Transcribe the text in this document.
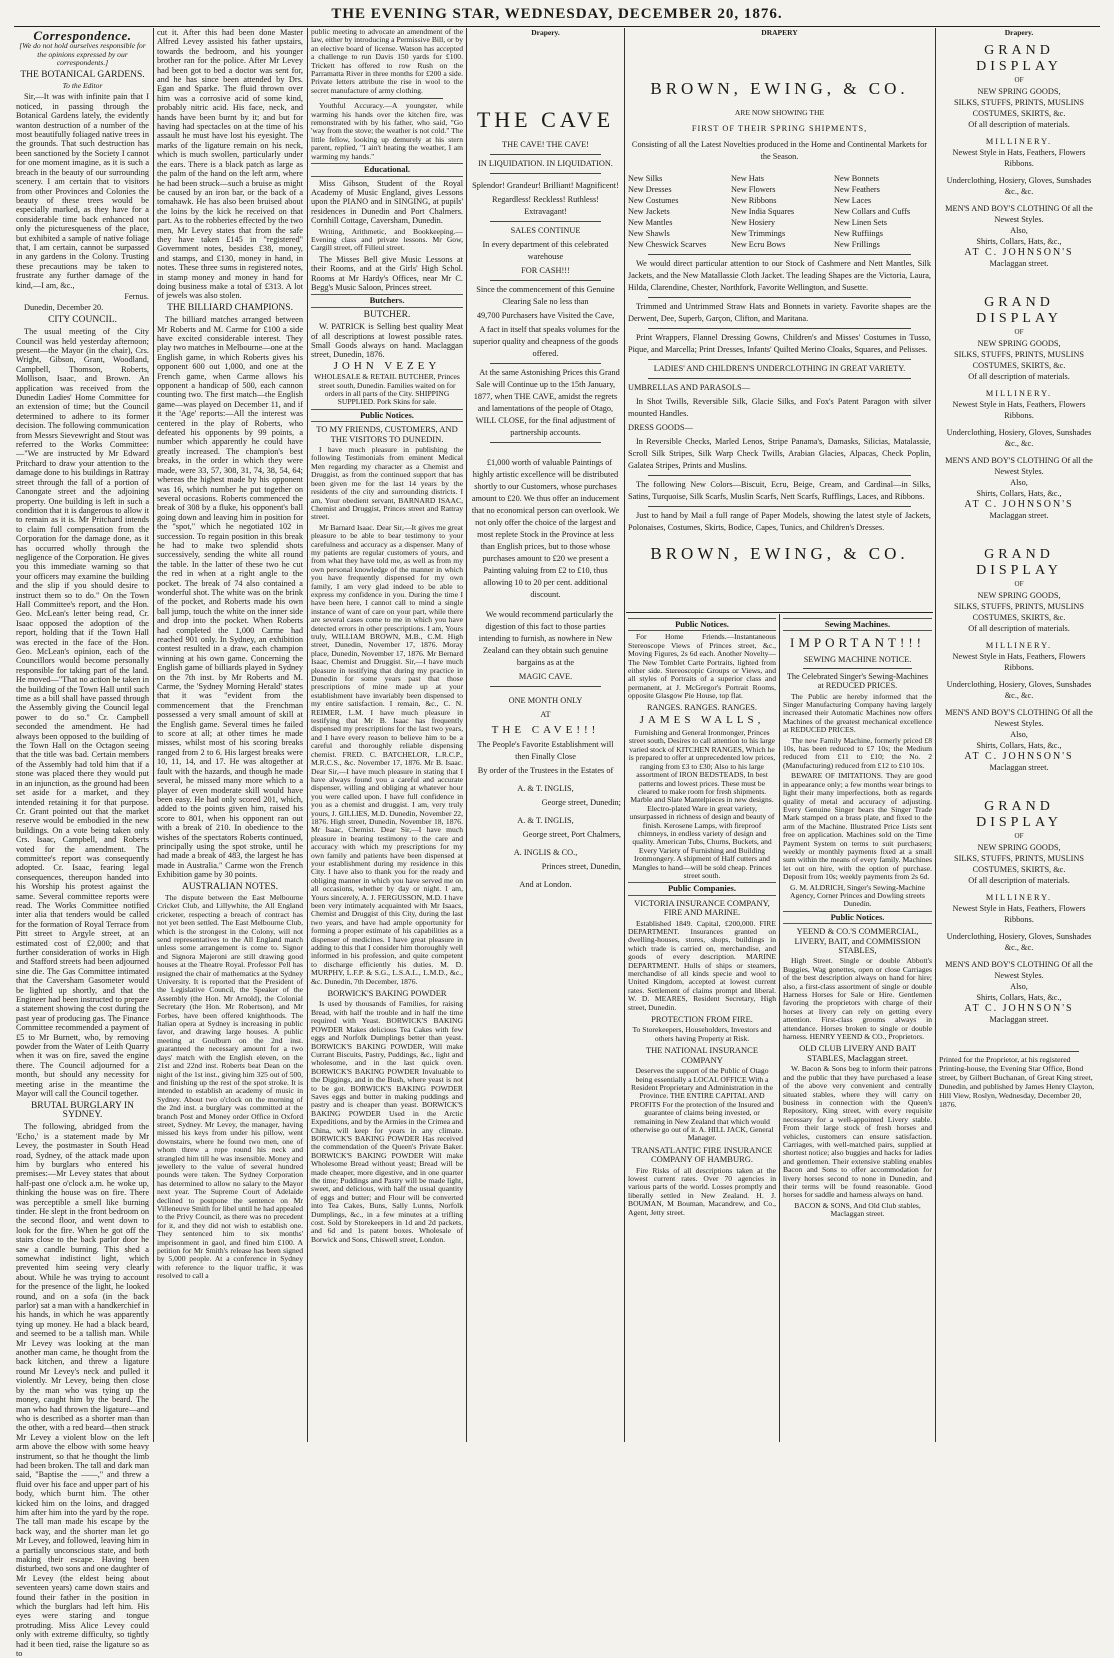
THE EVENING STAR, WEDNESDAY, DECEMBER 20, 1876.
Correspondence.

[We do not hold ourselves responsible for the opinions expressed by our correspondents.]

THE BOTANICAL GARDENS.

To the Editor

Sir,—It was with infinite pain that I noticed, in passing through the Botanical Gardens lately, the evidently wanton destruction of a number of the most beautifully foliaged native trees in the grounds. That such destruction has been sanctioned by the Society I cannot for one moment imagine, as it is such a breach in the beauty of our surrounding scenery. I am certain that to visitors from other Provinces and Colonies the beauty of these trees would be especially marked, as they have for a considerable time back enhanced not only the picturesqueness of the place, but exhibited a sample of native foliage that, I am certain, cannot be surpassed in any gardens in the Colony. Trusting these precautions may be taken to frustrate any further damage of the kind,—I am, &c.,

Fernus.

Dunedin, December 20.

CITY COUNCIL.

The usual meeting of the City Council was held yesterday afternoon; present—the Mayor (in the chair), Crs. Wright, Gibson, Grant, Woodland, Campbell, Thomson, Roberts, Mollison, Isaac, and Brown. An application was received from the Dunedin Ladies' Home Committee for an extension of time; but the Council determined to adhere to its former decision. The following communication from Messrs Sievewright and Stout was referred to the Works Committee:—"We are instructed by Mr Edward Pritchard to draw your attention to the damage done to his buildings in Rattray street through the fall of a portion of Canongate street and the adjoining property. One building is left in such a condition that it is dangerous to allow it to remain as it is. Mr Pritchard intends to claim full compensation from the Corporation for the damage done, as it has occurred wholly through the negligence of the Corporation. He gives you this immediate warning so that your officers may examine the building and the slip if you should desire to instruct them so to do." On the Town Hall Committee's report, and the Hon. Geo. McLean's letter being read, Cr. Isaac opposed the adoption of the report, holding that if the Town Hall was erected in the face of the Hon. Geo. McLean's opinion, each of the Councillors would become personally responsible for taking part of the land. He moved—"That no action be taken in the building of the Town Hall until such time as a bill shall have passed through the Assembly giving the Council legal power to do so." Cr. Campbell seconded the amendment. He had always been opposed to the building of the Town Hall on the Octagon seeing that the title was bad. Certain members of the Assembly had told him that if a stone was placed there they would put in an injunction, as the ground had been set aside for a market, and they intended retaining it for that purpose. Cr. Grant pointed out that the market reserve would be embodied in the new buildings. On a vote being taken only Crs. Isaac, Campbell, and Roberts voted for the amendment. The committee's report was consequently adopted. Cr. Isaac, fearing legal consequences, thereupon handed into his Worship his protest against the same. Several committee reports were read. The Works Committee notified inter alia that tenders would be called for the formation of Royal Terrace from Pitt street to Argyle street, at an estimated cost of £2,000; and that further consideration of works in High and Stafford streets had been adjourned sine die. The Gas Committee intimated that the Caversham Gasometer would be lighted up shortly, and that the Engineer had been instructed to prepare a statement showing the cost during the past year of producing gas. The Finance Committee recommended a payment of £5 to Mr Burnett, who, by removing powder from the Water of Leith Quarry when it was on fire, saved the engine there. The Council adjourned for a month, but should any necessity for meeting arise in the meantime the Mayor will call the Council together.

BRUTAL BURGLARY IN SYDNEY.

The following, abridged from the 'Echo,' is a statement made by Mr Levey, the postmaster in South Head road, Sydney, of the attack made upon him by burglars who entered his premises:—Mr Levey states that about half-past one o'clock a.m. he woke up, thinking the house was on fire. There was perceptible a smell like burning tinder. He slept in the front bedroom on the second floor, and went down to look for the fire. When he got off the stairs close to the back parlor door he saw a candle burning. This shed a somewhat indistinct light, which prevented him seeing very clearly about. While he was trying to account for the presence of the light, he looked round, and on a sofa (in the back parlor) sat a man with a handkerchief in his hands, in which he was apparently tying up money. He had a black beard, and seemed to be a tallish man. While Mr Levey was looking at the man another man came, he thought from the back kitchen, and threw a ligature round Mr Levey's neck and pulled it violently. Mr Levey, being then close by the man who was tying up the money, caught him by the beard. The man who had thrown the ligature—and who is described as a shorter man than the other, with a red beard—then struck Mr Levey a violent blow on the left arm above the elbow with some heavy instrument, so that he thought the limb had been broken. The tall and dark man said, "Baptise the ——," and threw a fluid over his face and upper part of his body, which burnt him. The other kicked him on the loins, and dragged him after him into the yard by the rope. The tall man made his escape by the back way, and the shorter man let go Mr Levey, and followed, leaving him in a partially unconscious state, and both making their escape. Having been disturbed, two sons and one daughter of Mr Levey (the eldest being about seventeen years) came down stairs and found their father in the position in which the burglars had left him. His eyes were staring and tongue protruding. Miss Alice Levey could only with extreme difficulty, so tightly had it been tied, raise the ligature so as to

cut it. After this had been done Master Alfred Levey assisted his father upstairs, towards the bedroom, and his younger brother ran for the police. After Mr Levey had been got to bed a doctor was sent for, and he has since been attended by Drs. Egan and Sparke. The fluid thrown over him was a corrosive acid of some kind, probably nitric acid. His face, neck, and hands have been burnt by it; and but for having had spectacles on at the time of his assault he must have lost his eyesight. The marks of the ligature remain on his neck, which is much swollen, particularly under the ears. There is a black patch as large as the palm of the hand on the left arm, where he had been struck—such a bruise as might be caused by an iron bar, or the back of a tomahawk. He has also been bruised about the loins by the kick he received on that part. As to the robberies effected by the two men, Mr Levey states that from the safe they have taken £145 in "registered" Government notes, besides £38, money, and stamps, and £130, money in hand, in notes. These three sums in registered notes, in stamp money and money in hand for doing business make a total of £313. A lot of jewels was also stolen.

THE BILLIARD CHAMPIONS.

The billiard matches arranged between Mr Roberts and M. Carme for £100 a side have excited considerable interest. They play two matches in Melbourne—one at the English game, in which Roberts gives his opponent 600 out 1,000, and one at the French game, when Carme allows his opponent a handicap of 500, each cannon counting two. The first match—the English game—was played on December 11, and if it the 'Age' reports:—All the interest was centered in the play of Roberts, who defeated his opponents by 99 points, a number which apparently he could have greatly increased. The champion's best breaks, in the order in which they were made, were 33, 57, 308, 31, 74, 38, 54, 64; whereas the highest made by his opponent was 16, which number he put together on several occasions. Roberts commenced the break of 308 by a fluke, his opponent's ball going down and leaving him in position for the "spot," which he negotiated 102 in succession. To regain position in this break he had to make two splendid shots successively, sending the white all round the table. In the latter of these two he cut the red in when at a right angle to the pocket. The break of 74 also contained a wonderful shot. The white was on the brink of the pocket, and Roberts made his own ball jump, touch the white on the inner side and drop into the pocket. When Roberts had completed the 1,000 Carme had reached 901 only. In Sydney, an exhibition contest resulted in a draw, each champion winning at his own game. Concerning the English game of billiards played in Sydney on the 7th inst. by Mr Roberts and M. Carme, the 'Sydney Morning Herald' states that it was "evident from the commencement that the Frenchman possessed a very small amount of skill at the English game. Several times he failed to score at all; at other times he made misses, whilst most of his scoring breaks ranged from 2 to 6. His largest breaks were 10, 11, 14, and 17. He was altogether at fault with the hazards, and though he made several, he missed many more which to a player of even moderate skill would have been easy. He had only scored 201, which, added to the points given him, raised his score to 801, when his opponent ran out with a break of 210. In obedience to the wishes of the spectators Roberts continued, principally using the spot stroke, until he had made a break of 483, the largest he has made in Australia." Carme won the French Exhibition game by 30 points.

AUSTRALIAN NOTES.

The dispute between the East Melbourne Cricket Club, and Lillywhite, the All England cricketer, respecting a breach of contract has not yet been settled. The East Melbourne Club, which is the strongest in the Colony, will not send representatives to the All England match unless some arrangement is come to. Signor and Signora Majeroni are still drawing good houses at the Theatre Royal. Professor Pell has resigned the chair of mathematics at the Sydney University. It is reported that the President of the Legislative Council, the Speaker of the Assembly (the Hon. Mr Arnold), the Colonial Secretary (the Hon. Mr Robertson), and Mr Forbes, have been offered knighthoods. The Italian opera at Sydney is increasing in public favor, and drawing large houses. A public meeting at Goulburn on the 2nd inst. guaranteed the necessary amount for a two days' match with the English eleven, on the 21st and 22nd inst. Roberts beat Dean on the night of the 1st inst., giving him 325 out of 500, and finishing up the rest of the spot stroke. It is intended to establish an academy of music in Sydney. About two o'clock on the morning of the 2nd inst. a burglary was committed at the branch Post and Money order Office in Oxford street, Sydney. Mr Levey, the manager, having missed his keys from under his pillow, went downstairs, where he found two men, one of whom threw a rope round his neck and strangled him till he was insensible. Money and jewellery to the value of several hundred pounds were taken. The Sydney Corporation has determined to allow no salary to the Mayor next year. The Supreme Court of Adelaide declined to postpone the sentence on Mr Villeneuve Smith for libel until he had appealed to the Privy Council, as there was no precedent for it, and they did not wish to establish one. They sentenced him to six months' imprisonment in gaol, and fined him £100. A petition for Mr Smith's release has been signed by 5,000 people. At a conference in Sydney with reference to the liquor traffic, it was resolved to call a

public meeting to advocate an amendment of the law, either by introducing a Permissive Bill, or by an elective board of license. Watson has accepted a challenge to run Davis 150 yards for £100. Trickett has offered to row Rush on the Parramatta River in three months for £200 a side. Private letters attribute the rise in wool to the secret manufacture of army clothing.

Youthful Accuracy.—A youngster, while warming his hands over the kitchen fire, was remonstrated with by his father, who said, "Go 'way from the stove; the weather is not cold." The little fellow, looking up demurely at his stern parent, replied, "I ain't heating the weather, I am warming my hands."

Educational.

Miss Gibson, Student of the Royal Academy of Music England, gives Lessons upon the PIANO and in SINGING, at pupils' residences in Dunedin and Port Chalmers. Cornhill Cottage, Caversham, Dunedin.

Writing, Arithmetic, and Bookkeeping.—Evening class and private lessons. Mr Gow, Cargill street, off Filleul street.

The Misses Bell give Music Lessons at their Rooms, and at the Girls' High Schol. Rooms at Mr Hardy's Offices, near Mr C. Begg's Music Saloon, Princes street.

Butchers.
BUTCHER.

W. PATRICK is Selling best quality Meat of all descriptions at lowest possible rates. Small Goods always on hand. Maclaggan street, Dunedin, 1876.

JOHN VEZEY

WHOLESALE & RETAIL BUTCHER, Princes street south, Dunedin. Families waited on for orders in all parts of the City. SHIPPING SUPPLIED. Pork Skins for sale.

Public Notices.
TO MY FRIENDS, CUSTOMERS, AND THE VISITORS TO DUNEDIN.

I have much pleasure in publishing the following Testimonials from eminent Medical Men regarding my character as a Chemist and Druggist, as from the continued support that has been given me for the last 14 years by the residents of the city and surrounding districts. I am, Your obedient servant, BARNARD ISAAC, Chemist and Druggist, Princes street and Rattray street.

Mr Barnard Isaac. Dear Sir,—It gives me great pleasure to be able to bear testimony to your carefulness and accuracy as a dispenser. Many of my patients are regular customers of yours, and from what they have told me, as well as from my own personal knowledge of the manner in which you have frequently dispensed for my own family, I am very glad indeed to be able to express my confidence in you. During the time I have been here, I cannot call to mind a single instance of want of care on your part, while there are several cases come to me in which you have detected errors in other prescriptions. I am, Yours truly, WILLIAM BROWN, M.B., C.M. High street, Dunedin, November 17, 1876. Moray place, Dunedin, November 17, 1876. Mr Bernard Isaac, Chemist and Druggist. Sir,—I have much pleasure in testifying that during my practice in Dunedin for some years past that those prescriptions of mine made up at your establishment have invariably been dispensed to my entire satisfaction. I remain, &c., C. N. REIMER, L.M. I have much pleasure in testifying that Mr B. Isaac has frequently dispensed my prescriptions for the last two years, and I have every reason to believe him to be a careful and thoroughly reliable dispensing chemist. FRED. C. BATCHELOR, L.R.C.P., M.R.C.S., &c. November 17, 1876. Mr B. Isaac. Dear Sir,—I have much pleasure in stating that I have always found you a careful and accurate dispenser, willing and obliging at whatever hour you were called upon. I have full confidence in you as a chemist and druggist. I am, very truly yours, J. GILLIES, M.D. Dunedin, November 22, 1876. High street, Dunedin, November 18, 1876. Mr Isaac, Chemist. Dear Sir,—I have much pleasure in bearing testimony to the care and accuracy with which my prescriptions for my own family and patients have been dispensed at your establishment during my residence in this City. I have also to thank you for the ready and obliging manner in which you have served me on all occasions, whether by day or night. I am, Yours sincerely, A. J. FERGUSSON, M.D. I have been very intimately acquainted with Mr Isaacs, Chemist and Druggist of this City, during the last two years, and have had ample opportunity for forming a proper estimate of his capabilities as a dispenser of medicines. I have great pleasure in adding to this that I consider him thoroughly well informed in his profession, and quite competent to discharge efficiently his duties. M. D. MURPHY, L.F.P. & S.G., L.S.A.L., L.M.D., &c., &c. Dunedin, 7th December, 1876.

BORWICK'S BAKING POWDER

Is used by thousands of Families, for raising Bread, with half the trouble and in half the time required with Yeast. BORWICK'S BAKING POWDER Makes delicious Tea Cakes with few eggs and Norfolk Dumplings better than yeast. BORWICK'S BAKING POWDER, Will make Currant Biscuits, Pastry, Puddings, &c., light and wholesome, and in the last quick oven. BORWICK'S BAKING POWDER Invaluable to the Diggings, and in the Bush, where yeast is not to be got. BORWICK'S BAKING POWDER Saves eggs and butter in making puddings and pastry and is cheaper than yeast. BORWICK'S BAKING POWDER Used in the Arctic Expeditions, and by the Armies in the Crimea and China, will keep for years in any climate. BORWICK'S BAKING POWDER Has received the commendation of the Queen's Private Baker. BORWICK'S BAKING POWDER Will make Wholesome Bread without yeast; Bread will be made cheaper, more digestive, and in one quarter the time; Puddings and Pastry will be made light, sweet, and delicious, with half the usual quantity of eggs and butter; and Flour will be converted into Tea Cakes, Buns, Sally Lunns, Norfolk Dumplings, &c., in a few minutes at a trifling cost. Sold by Storekeepers in 1d and 2d packets, and 6d and 1s patent boxes. Wholesale of Borwick and Sons, Chiswell street, London.

Drapery.
THE CAVE

THE CAVE! THE CAVE!

IN LIQUIDATION. IN LIQUIDATION.

Splendor! Grandeur! Brilliant! Magnificent!

Regardless! Reckless! Ruthless! Extravagant!

SALES CONTINUE

In every department of this celebrated warehouse

FOR CASH!!!

Since the commencement of this Genuine Clearing Sale no less than

49,700 Purchasers have Visited the Cave,

A fact in itself that speaks volumes for the superior quality and cheapness of the goods offered.

At the same Astonishing Prices this Grand Sale will Continue up to the 15th January, 1877, when THE CAVE, amidst the regrets and lamentations of the people of Otago, WILL CLOSE, for the final adjustment of partnership accounts.

£1,000 worth of valuable Paintings of highly artistic excellence will be distributed shortly to our Customers, whose purchases amount to £20. We thus offer an inducement that no economical person can overlook. We not only offer the choice of the largest and most replete Stock in the Province at less than English prices, but to those whose purchases amount to £20 we present a Painting valuing from £2 to £10, thus allowing 10 to 20 per cent. additional discount.

We would recommend particularly the digestion of this fact to those parties intending to furnish, as nowhere in New Zealand can they obtain such genuine bargains as at the

MAGIC CAVE.

ONE MONTH ONLY

AT

THE CAVE!!!

The People's Favorite Establishment will then Finally Close

By order of the Trustees in the Estates of

A. & T. INGLIS,

George street, Dunedin;

A. & T. INGLIS,

George street, Port Chalmers,

A. INGLIS & CO.,

Princes street, Dunedin,

And at London.

DRAPERY
BROWN, EWING, & CO.

ARE NOW SHOWING THE

FIRST OF THEIR SPRING SHIPMENTS,

Consisting of all the Latest Novelties produced in the Home and Continental Markets for the Season.

New Silks
New Dresses
New Costumes
New Jackets
New Mantles
New Shawls
New Cheswick Scarves
New Hats
New Flowers
New Ribbons
New India Squares
New Hosiery
New Trimmings
New Ecru Bows
New Bonnets
New Feathers
New Laces
New Collars and Cuffs
New Linen Sets
New Ruffiings
New Frillings

We would direct particular attention to our Stock of Cashmere and Nett Mantles, Silk Jackets, and the New Matallassie Cloth Jacket. The leading Shapes are the Victoria, Laura, Hilda, Clarendine, Chester, Northfork, Favorite Wellington, and Susette.

Trimmed and Untrimmed Straw Hats and Bonnets in variety. Favorite shapes are the Derwent, Dee, Superb, Garçon, Clifton, and Maritana.

Print Wrappers, Flannel Dressing Gowns, Children's and Misses' Costumes in Tusso, Pique, and Marcella; Print Dresses, Infants' Quilted Merino Cloaks, Squares, and Pelisses.

LADIES' AND CHILDREN'S UNDERCLOTHING IN GREAT VARIETY.

UMBRELLAS AND PARASOLS—

In Shot Twills, Reversible Silk, Glacie Silks, and Fox's Patent Paragon with silver mounted Handles.

DRESS GOODS—

In Reversible Checks, Marled Lenos, Stripe Panama's, Damasks, Silicias, Matalassie, Scroll Silk Stripes, Silk Warp Check Twills, Arabian Glacies, Alpacas, Check Poplin, Galatea Stripes, Prints and Muslins.

The following New Colors—Biscuit, Ecru, Beige, Cream, and Cardinal—in Silks, Satins, Turquoise, Silk Scarfs, Muslin Scarfs, Nett Scarfs, Rufflings, Laces, and Ribbons.

Just to hand by Mail a full range of Paper Models, showing the latest style of Jackets, Polonaises, Costumes, Skirts, Bodice, Capes, Tunics, and Children's Dresses.

BROWN, EWING, & CO.
Public Notices.

For Home Friends.—Instantaneous Stereoscope Views of Princes street, &c., Moving Figures, 2s 6d each. Another Novelty—The New Tomblet Carte Portraits, lighted from either side. Stereoscopic Groups or Views, and all styles of Portraits of a superior class and permanent, at J. McGregor's Portrait Rooms, opposite Glasgow Pie House, top flat.

RANGES. RANGES. RANGES.

JAMES WALLS,

Furnishing and General Ironmonger, Princes street south, Desires to call attention to his large varied stock of KITCHEN RANGES, Which he is prepared to offer at unprecedented low prices, ranging from £3 to £30; Also to his large assortment of IRON BEDSTEADS, In best patterns and lowest prices. These must be cleared to make room for fresh shipments. Marble and Slate Mantelpieces in new designs. Electro-plated Ware in great variety, unsurpassed in richness of design and beauty of finish. Kerosene Lamps, with fireproof chimneys, in endless variety of design and quality. American Tubs, Churns, Buckets, and Every Variety of Furnishing and Building Ironmongery. A shipment of Half cutters and Mangles to hand—will be sold cheap. Princes street south.

Public Companies.
VICTORIA INSURANCE COMPANY, FIRE AND MARINE.

Established 1849. Capital, £200,000. FIRE DEPARTMENT. Insurances granted on dwelling-houses, stores, shops, buildings in which trade is carried on, merchandise, and goods of every description. MARINE DEPARTMENT. Hulls of ships or steamers, merchandise of all kinds specie and wool to United Kingdom, accepted at lowest current rates. Settlement of claims prompt and liberal. W. D. MEARES, Resident Secretary, High street, Dunedin.

PROTECTION FROM FIRE.

To Storekeepers, Householders, Investors and others having Property at Risk.

THE NATIONAL INSURANCE COMPANY

Deserves the support of the Public of Otago being essentially a LOCAL OFFICE With a Resident Proprietary and Administration in the Province. THE ENTIRE CAPITAL AND PROFITS For the protection of the Insured and guarantee of claims being invested, or remaining in New Zealand that which would otherwise go out of it. A. HILL JACK, General Manager.

TRANSATLANTIC FIRE INSURANCE COMPANY OF HAMBURG.

Fire Risks of all descriptions taken at the lowest current rates. Over 70 agencies in various parts of the world. Losses promptly and liberally settled in New Zealand. H. J. BOUMAN, M Bouman, Macandrew, and Co., Agent, Jetty street.

Sewing Machines.
IMPORTANT!!!

SEWING MACHINE NOTICE.

The Celebrated Singer's Sewing-Machines at REDUCED PRICES.

The Public are hereby informed that the Singer Manufacturing Company having largely increased their Automatic Machines now offers Machines of the greatest mechanical excellence at REDUCED PRICES.

The new Family Machine, formerly priced £8 10s, has been reduced to £7 10s; the Medium reduced from £11 to £10; the No. 2 (Manufacturing) reduced from £12 to £10 10s.

BEWARE OF IMITATIONS. They are good in appearance only; a few months wear brings to light their many imperfections, both as regards quality of metal and accuracy of adjusting. Every Genuine Singer bears the Singer Trade Mark stamped on a brass plate, and fixed to the arm of the Machine. Illustrated Price Lists sent free on application. Machines sold on the Time Payment System on terms to suit purchasers; weekly or monthly payments fixed at a small sum within the means of every family. Machines let out on hire, with the option of purchase. Deposit from 10s; weekly payments from 2s 6d.

G. M. ALDRICH, Singer's Sewing-Machine Agency, Corner Princes and Dowling streets Dunedin.

Public Notices.
YEEND & CO.'S COMMERCIAL, LIVERY, BAIT, and COMMISSION STABLES,

High Street. Single or double Abbott's Buggies, Wag gonettes, open or close Carriages of the best description always on hand for hire; also, a first-class assortment of single or double Harness Horses for Sale or Hire. Gentlemen favoring the proprietors with charge of their horses at livery can rely on getting every attention. First-class grooms always in attendance. Horses broken to single or double harness. HENRY YEEND & CO., Proprietors.

OLD CLUB LIVERY AND BAIT STABLES, Maclaggan street.

W. Bacon & Sons beg to inform their patrons and the public that they have purchased a lease of the above very convenient and centrally situated stables, where they will carry on business in connection with the Queen's Repository, King street, with every requisite necessary for a well-appointed Livery stable. From their large stock of fresh horses and vehicles, customers can ensure satisfaction. Carriages, with well-matched pairs, supplied at shortest notice; also buggies and hacks for ladies and gentlemen. Their extensive stabling enables Bacon and Sons to offer accommodation for livery horses second to none in Dunedin, and their terms will be found reasonable. Good horses for saddle and harness always on hand.

BACON & SONS, And Old Club stables, Maclaggan street.

Drapery.
GRAND DISPLAY
OF
NEW SPRING GOODS,
SILKS, STUFFS, PRINTS, MUSLINS COSTUMES, SKIRTS, &c.
Of all description of materials.
MILLINERY.
Newest Style in Hats, Feathers, Flowers Ribbons.
Underclothing, Hosiery, Gloves, Sunshades &c., &c.
MEN'S AND BOY'S CLOTHING Of all the Newest Styles.
Also,
Shirts, Collars, Hats, &c.,
AT C. JOHNSON'S
Maclaggan street.
GRAND DISPLAY
OF
NEW SPRING GOODS,
SILKS, STUFFS, PRINTS, MUSLINS COSTUMES, SKIRTS, &c.
Of all description of materials.
MILLINERY.
Newest Style in Hats, Feathers, Flowers Ribbons.
Underclothing, Hosiery, Gloves, Sunshades &c., &c.
MEN'S AND BOY'S CLOTHING Of all the Newest Styles.
Also,
Shirts, Collars, Hats, &c.,
AT C. JOHNSON'S
Maclaggan street.
GRAND DISPLAY
OF
NEW SPRING GOODS,
SILKS, STUFFS, PRINTS, MUSLINS COSTUMES, SKIRTS, &c.
Of all description of materials.
MILLINERY.
Newest Style in Hats, Feathers, Flowers Ribbons.
Underclothing, Hosiery, Gloves, Sunshades &c., &c.
MEN'S AND BOY'S CLOTHING Of all the Newest Styles.
Also,
Shirts, Collars, Hats, &c.,
AT C. JOHNSON'S
Maclaggan street.
GRAND DISPLAY
OF
NEW SPRING GOODS,
SILKS, STUFFS, PRINTS, MUSLINS COSTUMES, SKIRTS, &c.
Of all description of materials.
MILLINERY.
Newest Style in Hats, Feathers, Flowers Ribbons.
Underclothing, Hosiery, Gloves, Sunshades &c., &c.
MEN'S AND BOY'S CLOTHING Of all the Newest Styles.
Also,
Shirts, Collars, Hats, &c.,
AT C. JOHNSON'S
Maclaggan street.

Printed for the Proprietor, at his registered Printing-house, the Evening Star Office, Bond street, by Gilbert Buchanan, of Great King street, Dunedin, and published by James Henry Clayton, Hill View, Roslyn, Wednesday, December 20, 1876.
